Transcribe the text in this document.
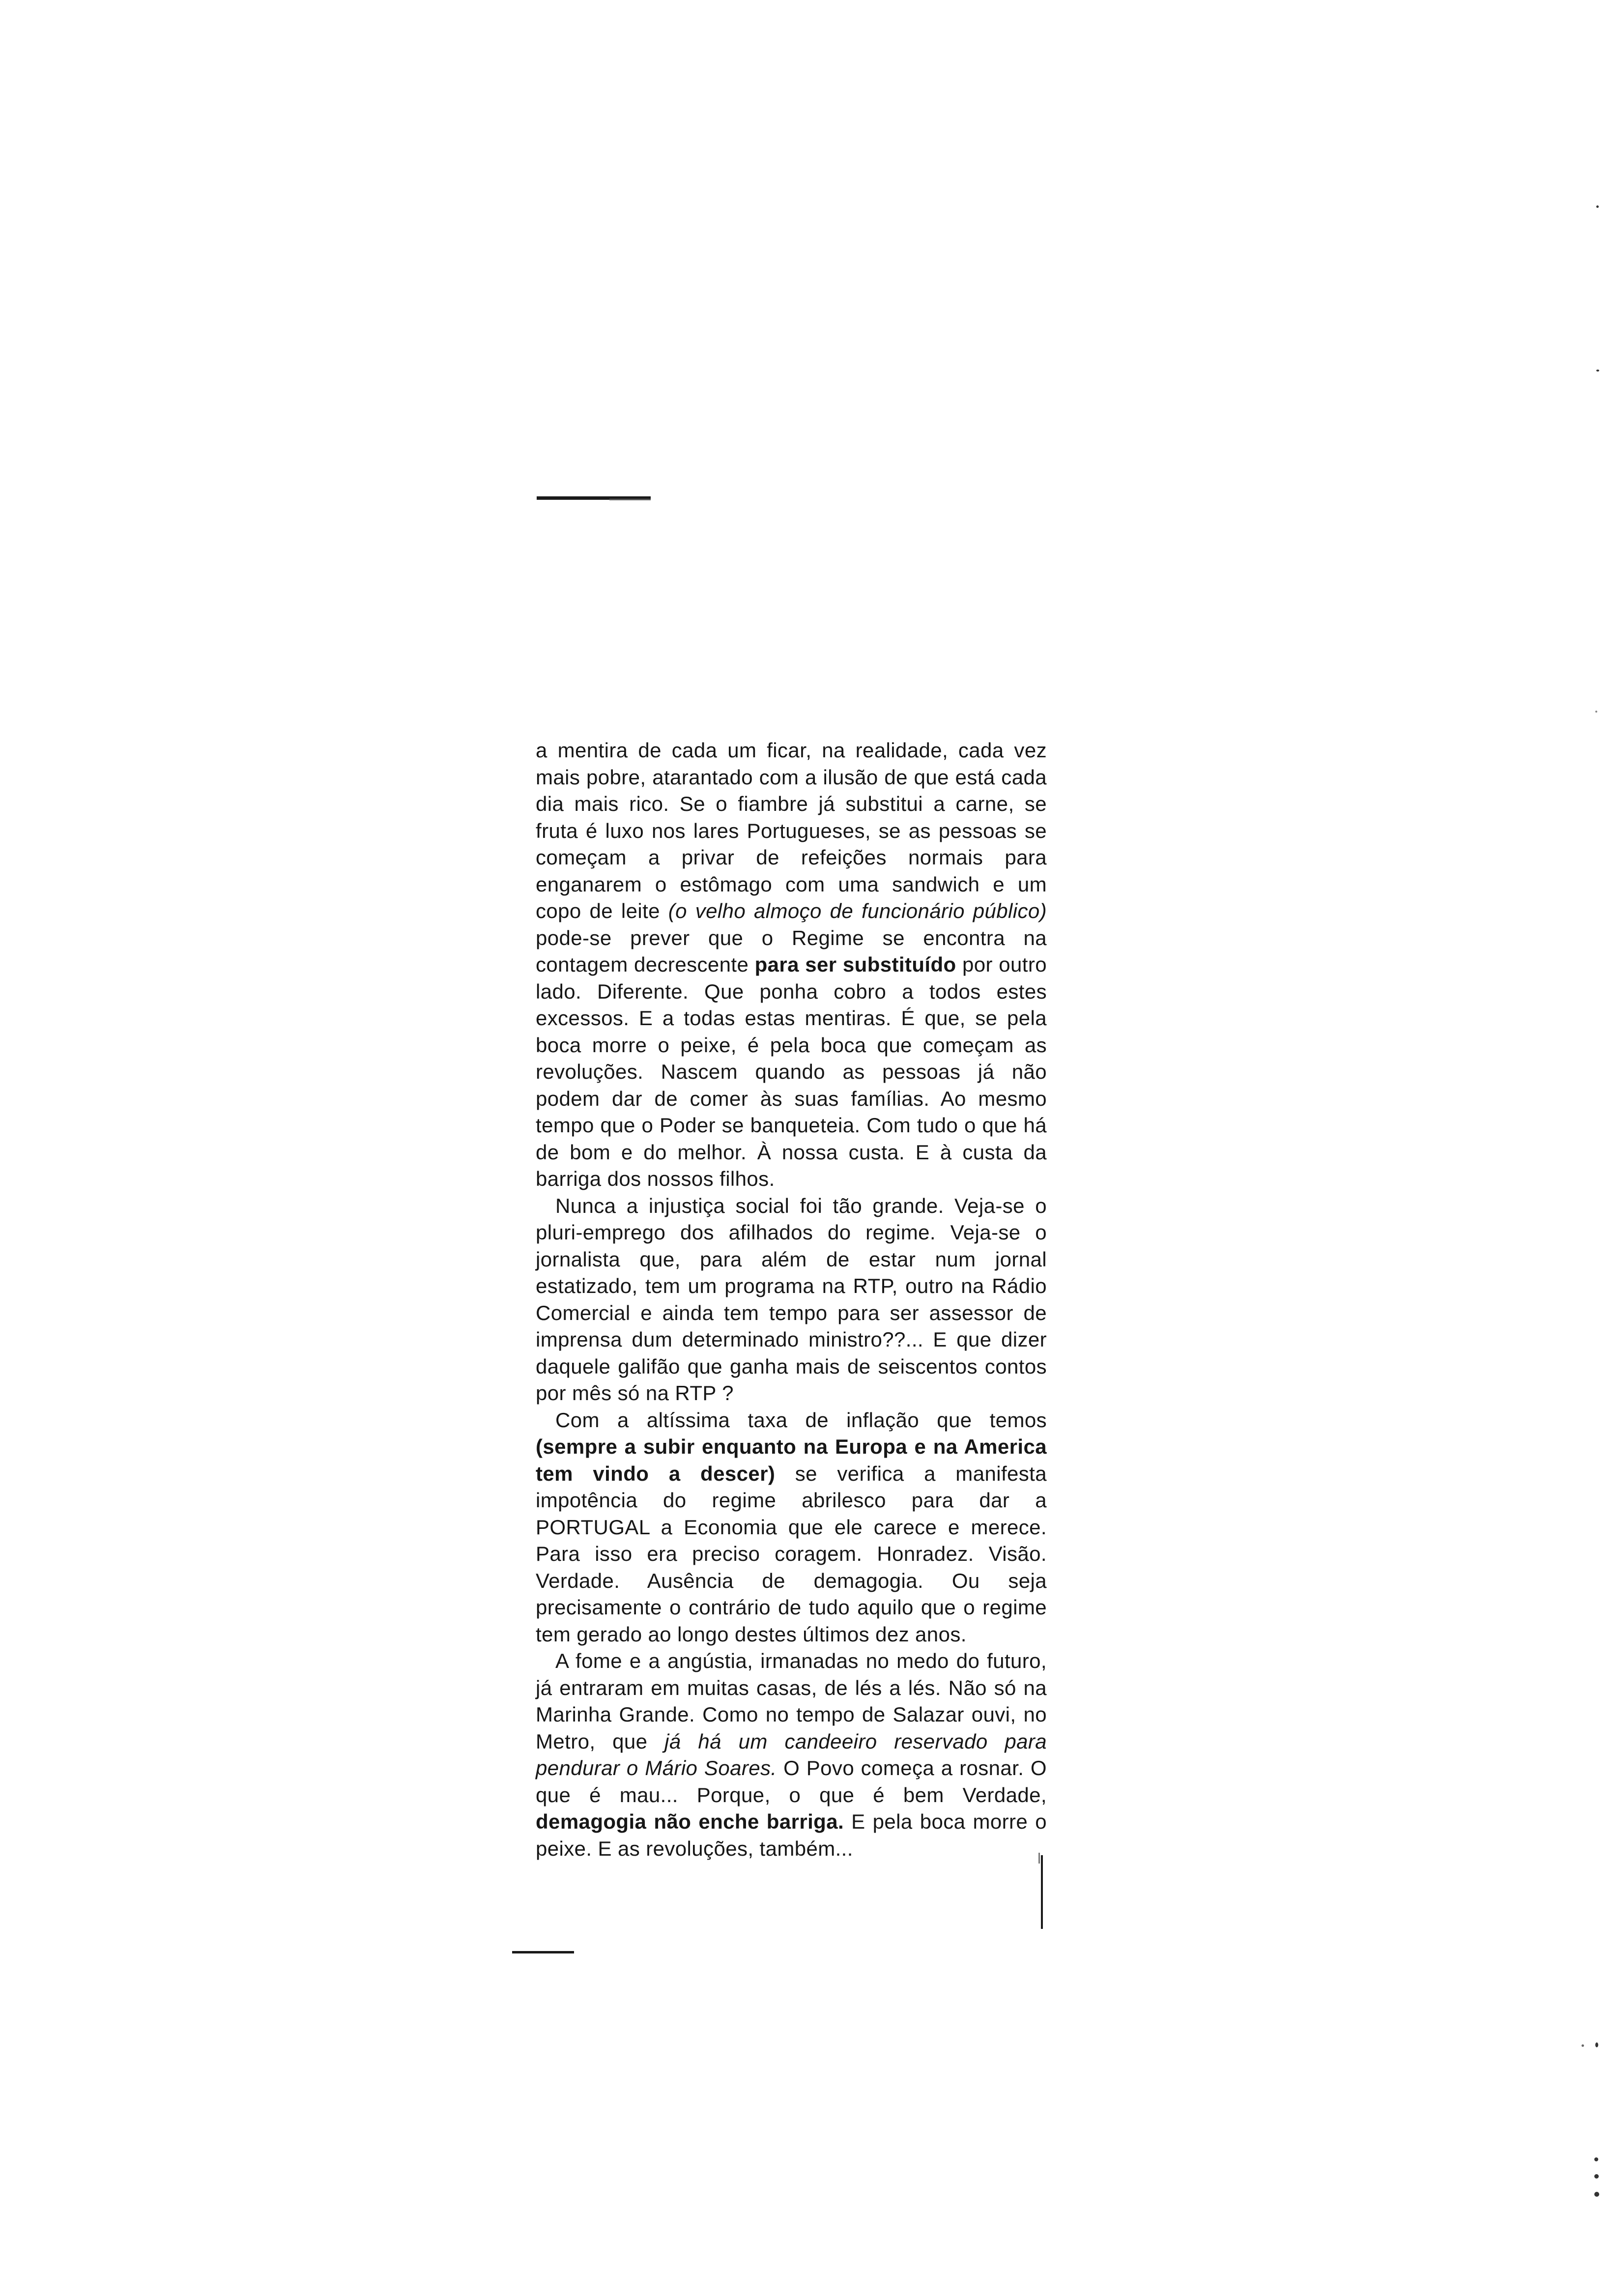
a mentira de cada um ficar, na realidade, cada vez mais pobre, atarantado com a ilusão de que está cada dia mais rico. Se o fiambre já substitui a carne, se fruta é luxo nos lares Portugueses, se as pessoas se começam a privar de refeições normais para enganarem o estômago com uma sandwich e um copo de leite (o velho almoço de funcionário público) pode-se prever que o Regime se encontra na contagem decrescente para ser substituído por outro lado. Diferente. Que ponha cobro a todos estes excessos. E a todas estas mentiras. É que, se pela boca morre o peixe, é pela boca que começam as revoluções. Nascem quando as pessoas já não podem dar de comer às suas famílias. Ao mesmo tempo que o Poder se banqueteia. Com tudo o que há de bom e do melhor. À nossa custa. E à custa da barriga dos nossos filhos.

Nunca a injustiça social foi tão grande. Veja-se o pluri-emprego dos afilhados do regime. Veja-se o jornalista que, para além de estar num jornal estatizado, tem um programa na RTP, outro na Rádio Comercial e ainda tem tempo para ser assessor de imprensa dum determinado ministro??... E que dizer daquele galifão que ganha mais de seiscentos contos por mês só na RTP ?

Com a altíssima taxa de inflação que temos (sempre a subir enquanto na Europa e na America tem vindo a descer) se verifica a manifesta impotência do regime abrilesco para dar a PORTUGAL a Economia que ele carece e merece. Para isso era preciso coragem. Honradez. Visão. Verdade. Ausência de demagogia. Ou seja precisamente o contrário de tudo aquilo que o regime tem gerado ao longo destes últimos dez anos.

A fome e a angústia, irmanadas no medo do futuro, já entraram em muitas casas, de lés a lés. Não só na Marinha Grande. Como no tempo de Salazar ouvi, no Metro, que já há um candeeiro reservado para pendurar o Mário Soares. O Povo começa a rosnar. O que é mau... Porque, o que é bem Verdade, demagogia não enche barriga. E pela boca morre o peixe. E as revoluções, também...
